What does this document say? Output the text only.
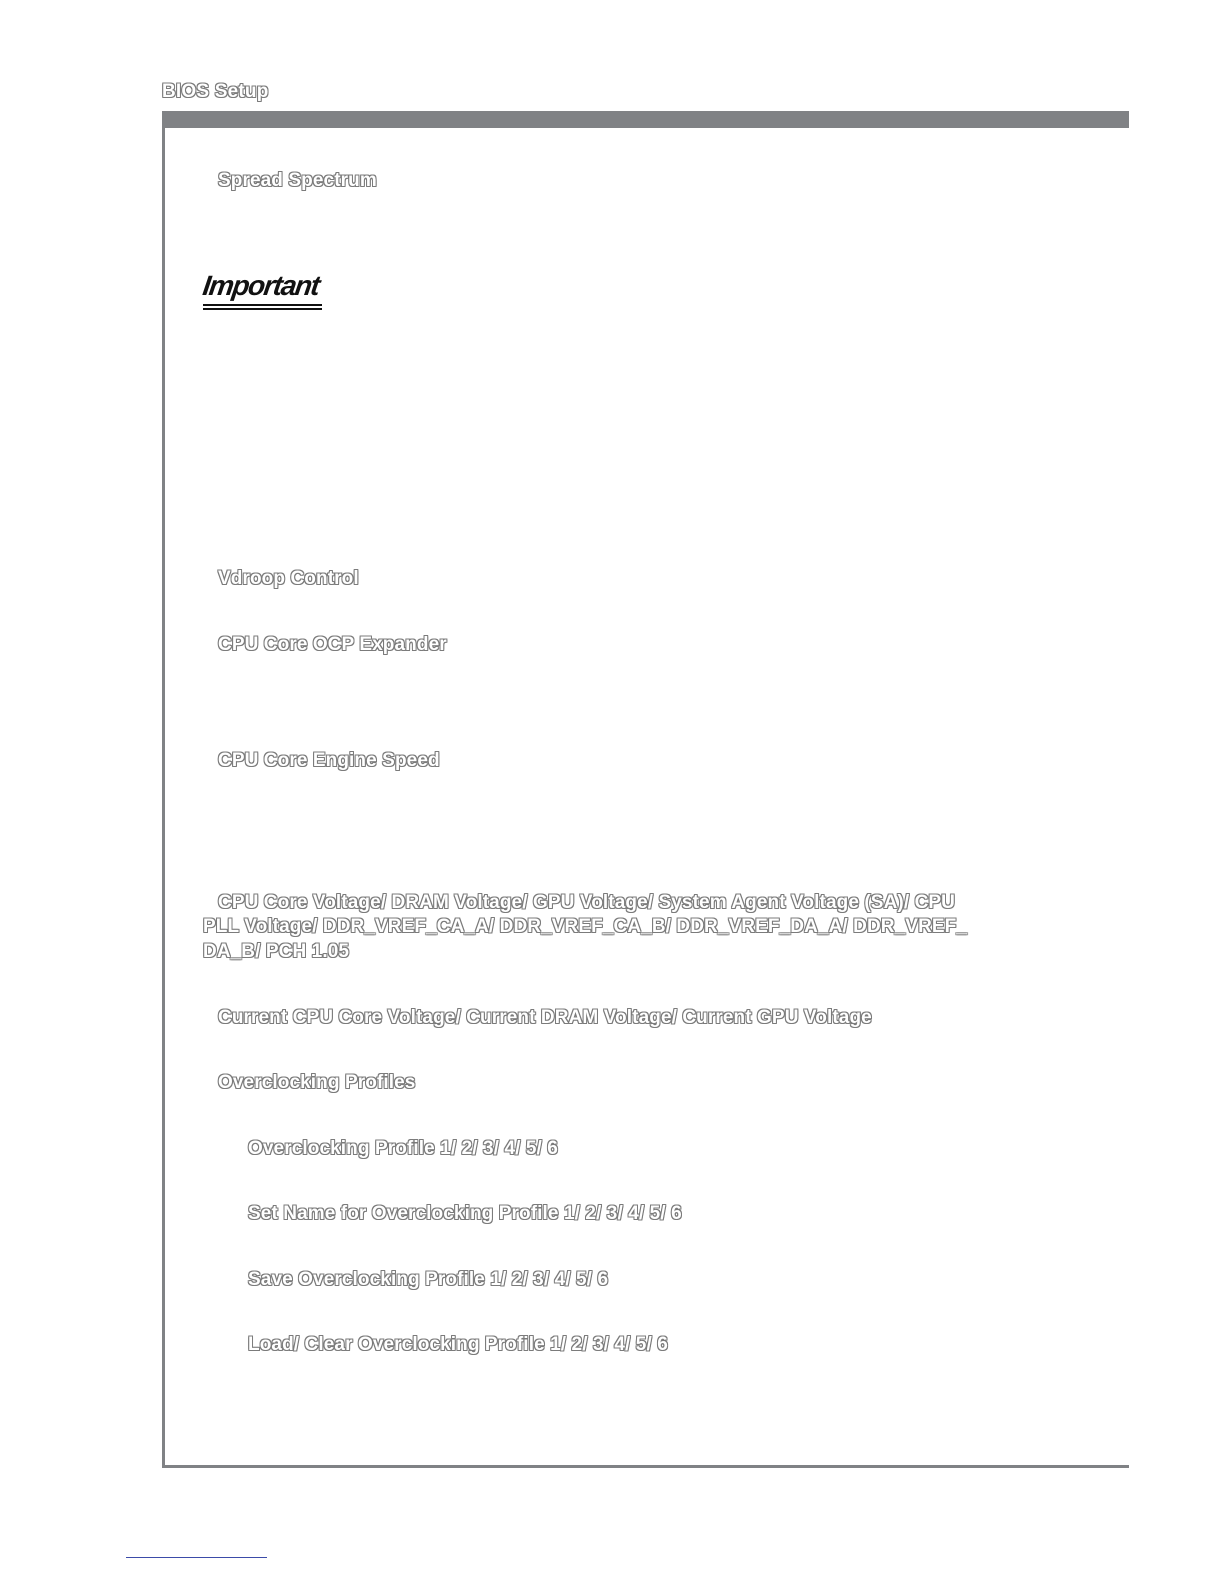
BIOS Setup
Spread Spectrum
Important
Vdroop Control
CPU Core OCP Expander
CPU Core Engine Speed
CPU Core Voltage/ DRAM Voltage/ GPU Voltage/ System Agent Voltage (SA)/ CPU
PLL Voltage/ DDR_VREF_CA_A/ DDR_VREF_CA_B/ DDR_VREF_DA_A/ DDR_VREF_
DA_B/ PCH 1.05
Current CPU Core Voltage/ Current DRAM Voltage/ Current GPU Voltage
Overclocking Profiles
Overclocking Profile 1/ 2/ 3/ 4/ 5/ 6
Set Name for Overclocking Profile 1/ 2/ 3/ 4/ 5/ 6
Save Overclocking Profile 1/ 2/ 3/ 4/ 5/ 6
Load/ Clear Overclocking Profile 1/ 2/ 3/ 4/ 5/ 6
